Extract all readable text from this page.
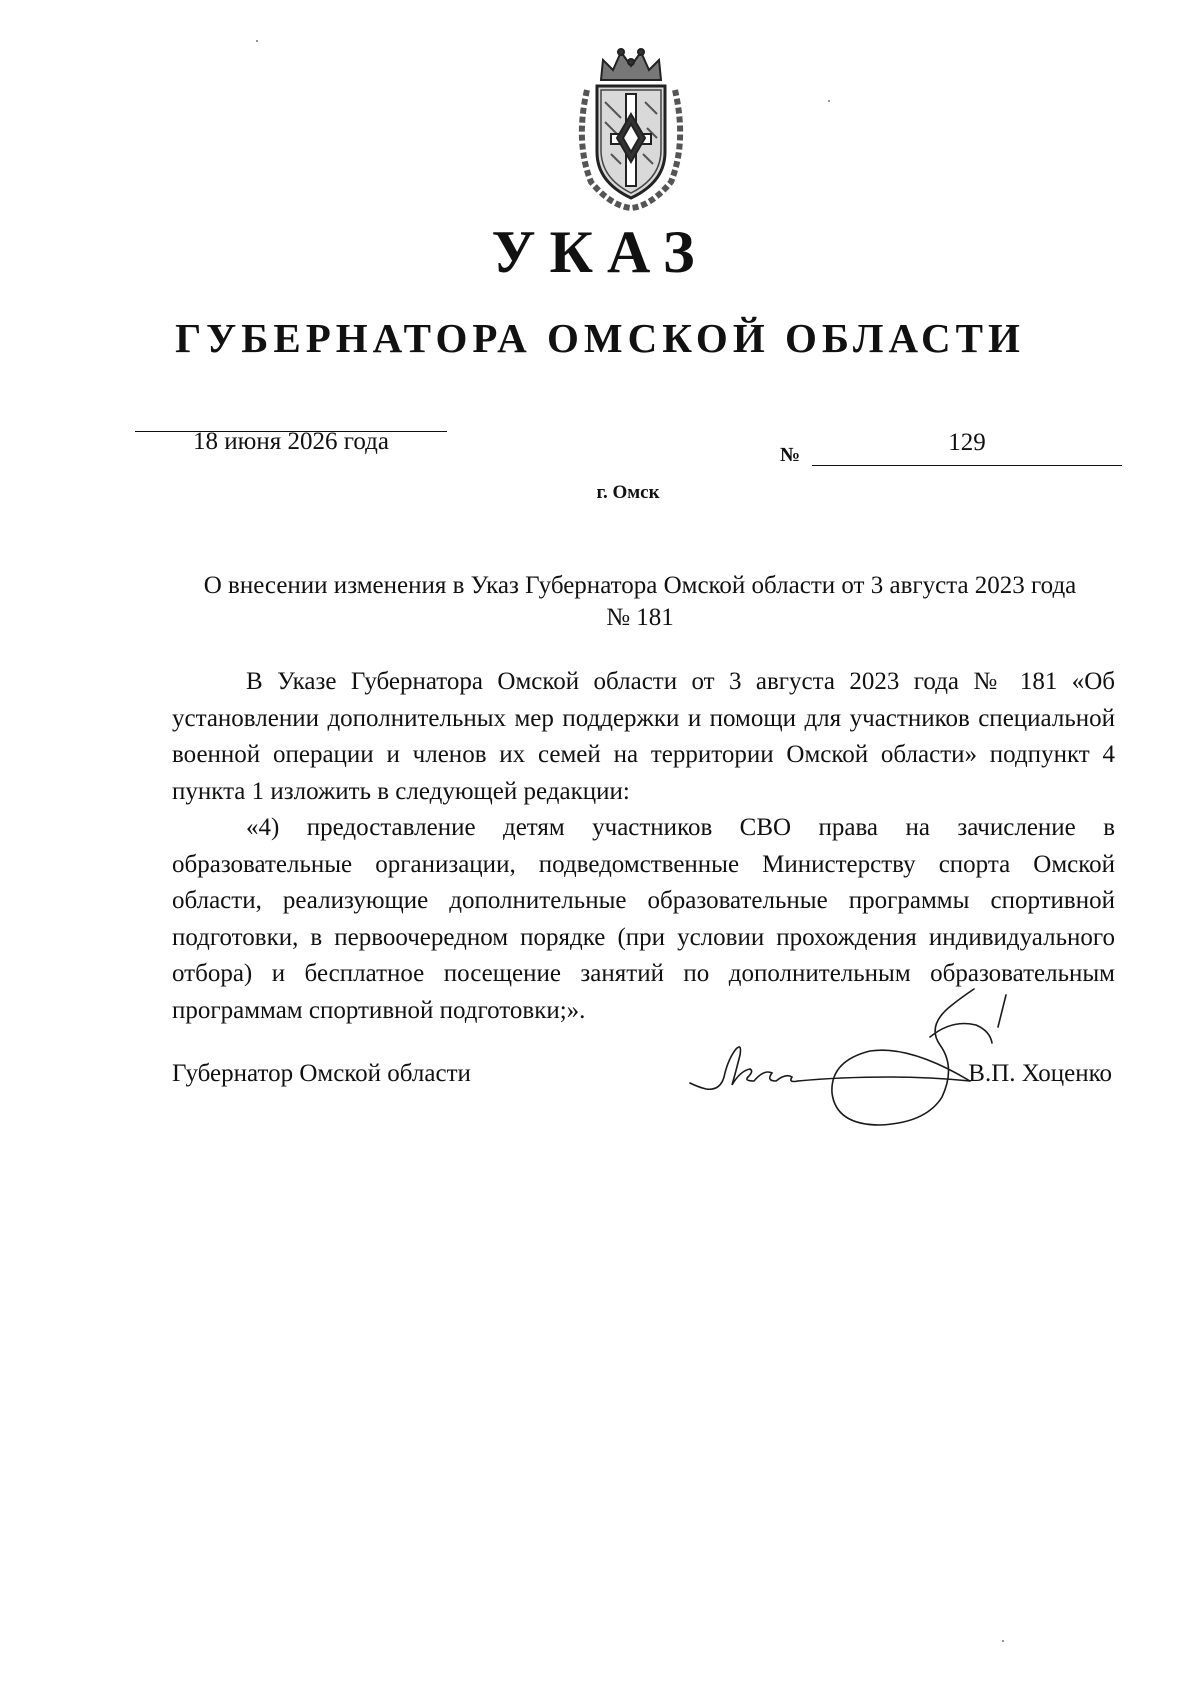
УКАЗ
ГУБЕРНАТОРА ОМСКОЙ ОБЛАСТИ
18 июня 2026 года	№	129
г. Омск
О внесении изменения в Указ Губернатора Омской области от 3 августа 2023 года № 181

В Указе Губернатора Омской области от 3 августа 2023 года № 181 «Об установлении дополнительных мер поддержки и помощи для участников специальной военной операции и членов их семей на территории Омской области» подпункт 4 пункта 1 изложить в следующей редакции:

«4) предоставление детям участников СВО права на зачисление в образовательные организации, подведомственные Министерству спорта Омской области, реализующие дополнительные образовательные программы спортивной подготовки, в первоочередном порядке (при условии прохождения индивидуального отбора) и бесплатное посещение занятий по дополнительным образовательным программам спортивной подготовки;».

Губернатор Омской области	В.П. Хоценко
